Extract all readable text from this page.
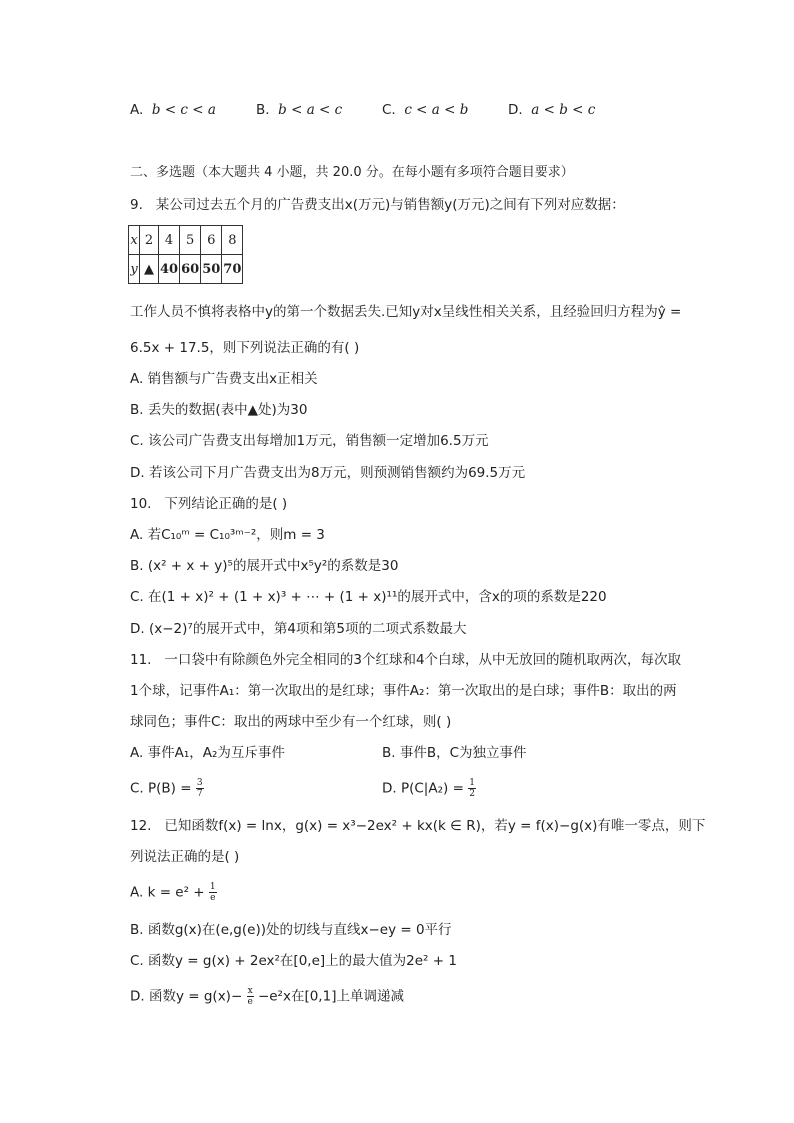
A. b < c < a	B. b < a < c	C. c < a < b	D. a < b < c
二、多选题（本大题共 4 小题，共 20.0 分。在每小题有多项符合题目要求）
9. 某公司过去五个月的广告费支出x(万元)与销售额y(万元)之间有下列对应数据：
x	2	4	5	6	8
y	▲	40	60	50	70
工作人员不慎将表格中y的第一个数据丢失.已知y对x呈线性相关关系，且经验回归方程为ŷ =
6.5x + 17.5，则下列说法正确的有( )
A. 销售额与广告费支出x正相关
B. 丢失的数据(表中▲处)为30
C. 该公司广告费支出每增加1万元，销售额一定增加6.5万元
D. 若该公司下月广告费支出为8万元，则预测销售额约为69.5万元
10. 下列结论正确的是( )
A. 若C₁₀ᵐ = C₁₀³ᵐ⁻²，则m = 3
B. (x² + x + y)⁵的展开式中x⁵y²的系数是30
C. 在(1 + x)² + (1 + x)³ + ⋯ + (1 + x)¹¹的展开式中，含x的项的系数是220
D. (x−2)⁷的展开式中，第4项和第5项的二项式系数最大
11. 一口袋中有除颜色外完全相同的3个红球和4个白球，从中无放回的随机取两次，每次取
1个球，记事件A₁：第一次取出的是红球；事件A₂：第一次取出的是白球；事件B：取出的两
球同色；事件C：取出的两球中至少有一个红球，则( )
A. 事件A₁，A₂为互斥事件	B. 事件B，C为独立事件
C. $P(B) = \frac{3}{7}$	D. $P(C|A_2) = \frac{1}{2}$
12. 已知函数f(x) = lnx，g(x) = x³−2ex² + kx(k ∈ R)，若y = f(x)−g(x)有唯一零点，则下
列说法正确的是( )
A. $k = e^2 + \frac{1}{e}$
B. 函数g(x)在(e,g(e))处的切线与直线x−ey = 0平行
C. 函数y = g(x) + 2ex²在[0,e]上的最大值为2e² + 1
D. 函数$y = g(x)- \frac{x}{e} -e^2x$在[0,1]上单调递减
